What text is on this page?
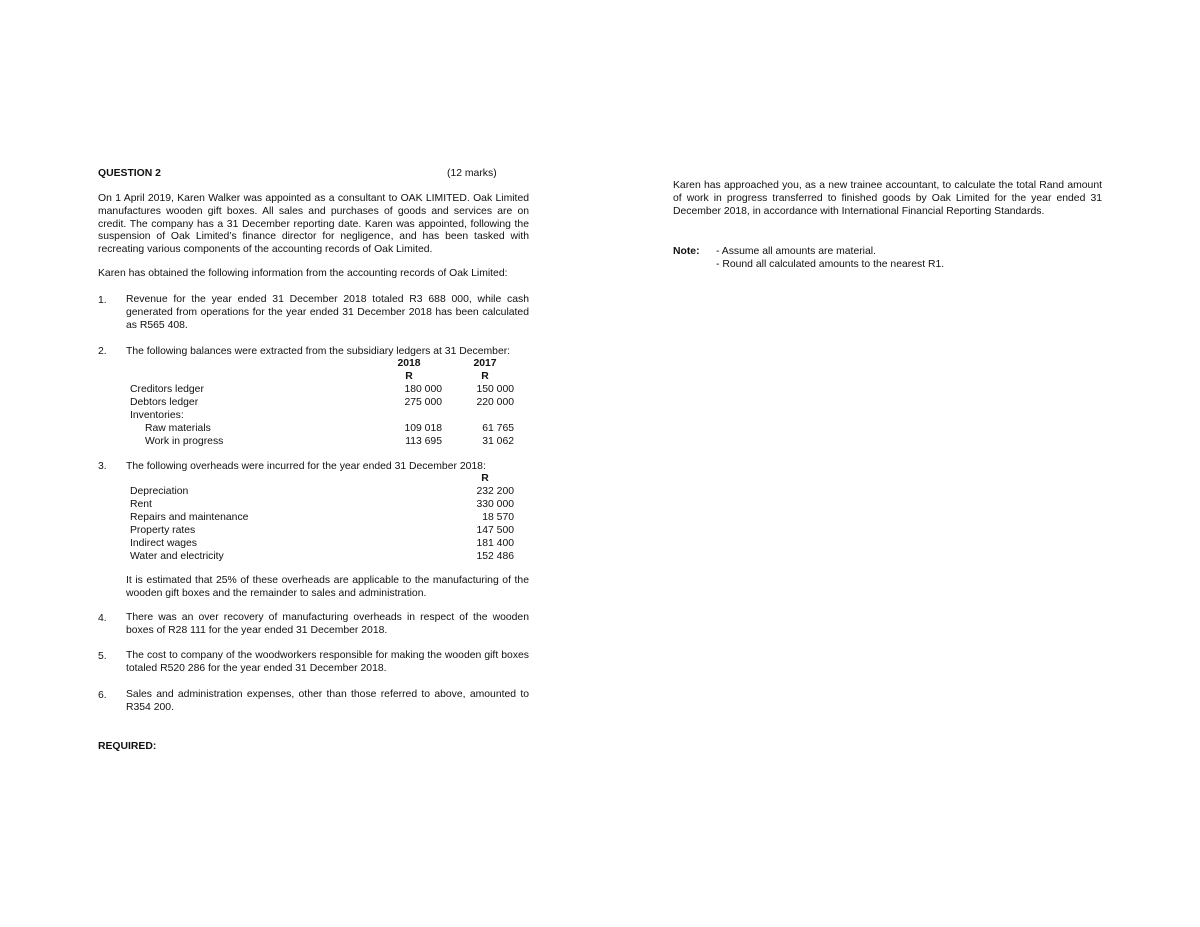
QUESTION 2	(12 marks)
On 1 April 2019, Karen Walker was appointed as a consultant to OAK LIMITED. Oak Limited manufactures wooden gift boxes. All sales and purchases of goods and services are on credit. The company has a 31 December reporting date. Karen was appointed, following the suspension of Oak Limited’s finance director for negligence, and has been tasked with recreating various components of the accounting records of Oak Limited.
Karen has obtained the following information from the accounting records of Oak Limited:
1. Revenue for the year ended 31 December 2018 totaled R3 688 000, while cash generated from operations for the year ended 31 December 2018 has been calculated as R565 408.
2. The following balances were extracted from the subsidiary ledgers at 31 December:
2018	2017
R	R
Creditors ledger	180 000	150 000
Debtors ledger	275 000	220 000
Inventories:
Raw materials	109 018	61 765
Work in progress	113 695	31 062
3. The following overheads were incurred for the year ended 31 December 2018:
R
Depreciation	232 200
Rent	330 000
Repairs and maintenance	18 570
Property rates	147 500
Indirect wages	181 400
Water and electricity	152 486
It is estimated that 25% of these overheads are applicable to the manufacturing of the wooden gift boxes and the remainder to sales and administration.
4. There was an over recovery of manufacturing overheads in respect of the wooden boxes of R28 111 for the year ended 31 December 2018.
5. The cost to company of the woodworkers responsible for making the wooden gift boxes totaled R520 286 for the year ended 31 December 2018.
6. Sales and administration expenses, other than those referred to above, amounted to R354 200.
REQUIRED:
Karen has approached you, as a new trainee accountant, to calculate the total Rand amount of work in progress transferred to finished goods by Oak Limited for the year ended 31 December 2018, in accordance with International Financial Reporting Standards.
Note: - Assume all amounts are material.
- Round all calculated amounts to the nearest R1.
